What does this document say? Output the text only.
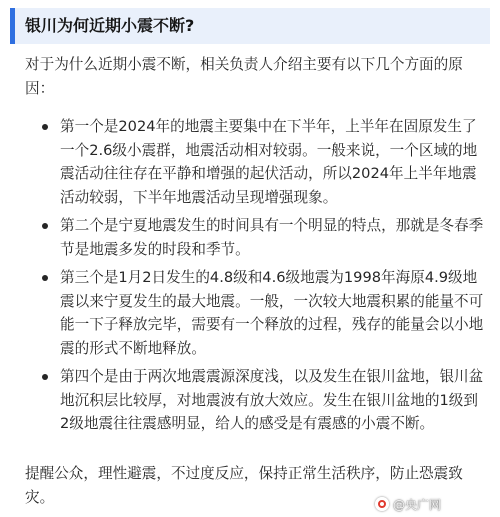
银川为何近期小震不断?

对于为什么近期小震不断，相关负责人介绍主要有以下几个方面的原因：

第一个是2024年的地震主要集中在下半年，上半年在固原发生了一个2.6级小震群，地震活动相对较弱。一般来说，一个区域的地震活动往往存在平静和增强的起伏活动，所以2024年上半年地震活动较弱，下半年地震活动呈现增强现象。
第二个是宁夏地震发生的时间具有一个明显的特点，那就是冬春季节是地震多发的时段和季节。
第三个是1月2日发生的4.8级和4.6级地震为1998年海原4.9级地震以来宁夏发生的最大地震。一般，一次较大地震积累的能量不可能一下子释放完毕，需要有一个释放的过程，残存的能量会以小地震的形式不断地释放。
第四个是由于两次地震震源深度浅，以及发生在银川盆地，银川盆地沉积层比较厚，对地震波有放大效应。发生在银川盆地的1级到2级地震往往震感明显，给人的感受是有震感的小震不断。

提醒公众，理性避震，不过度反应，保持正常生活秩序，防止恐震致灾。	@央广网
